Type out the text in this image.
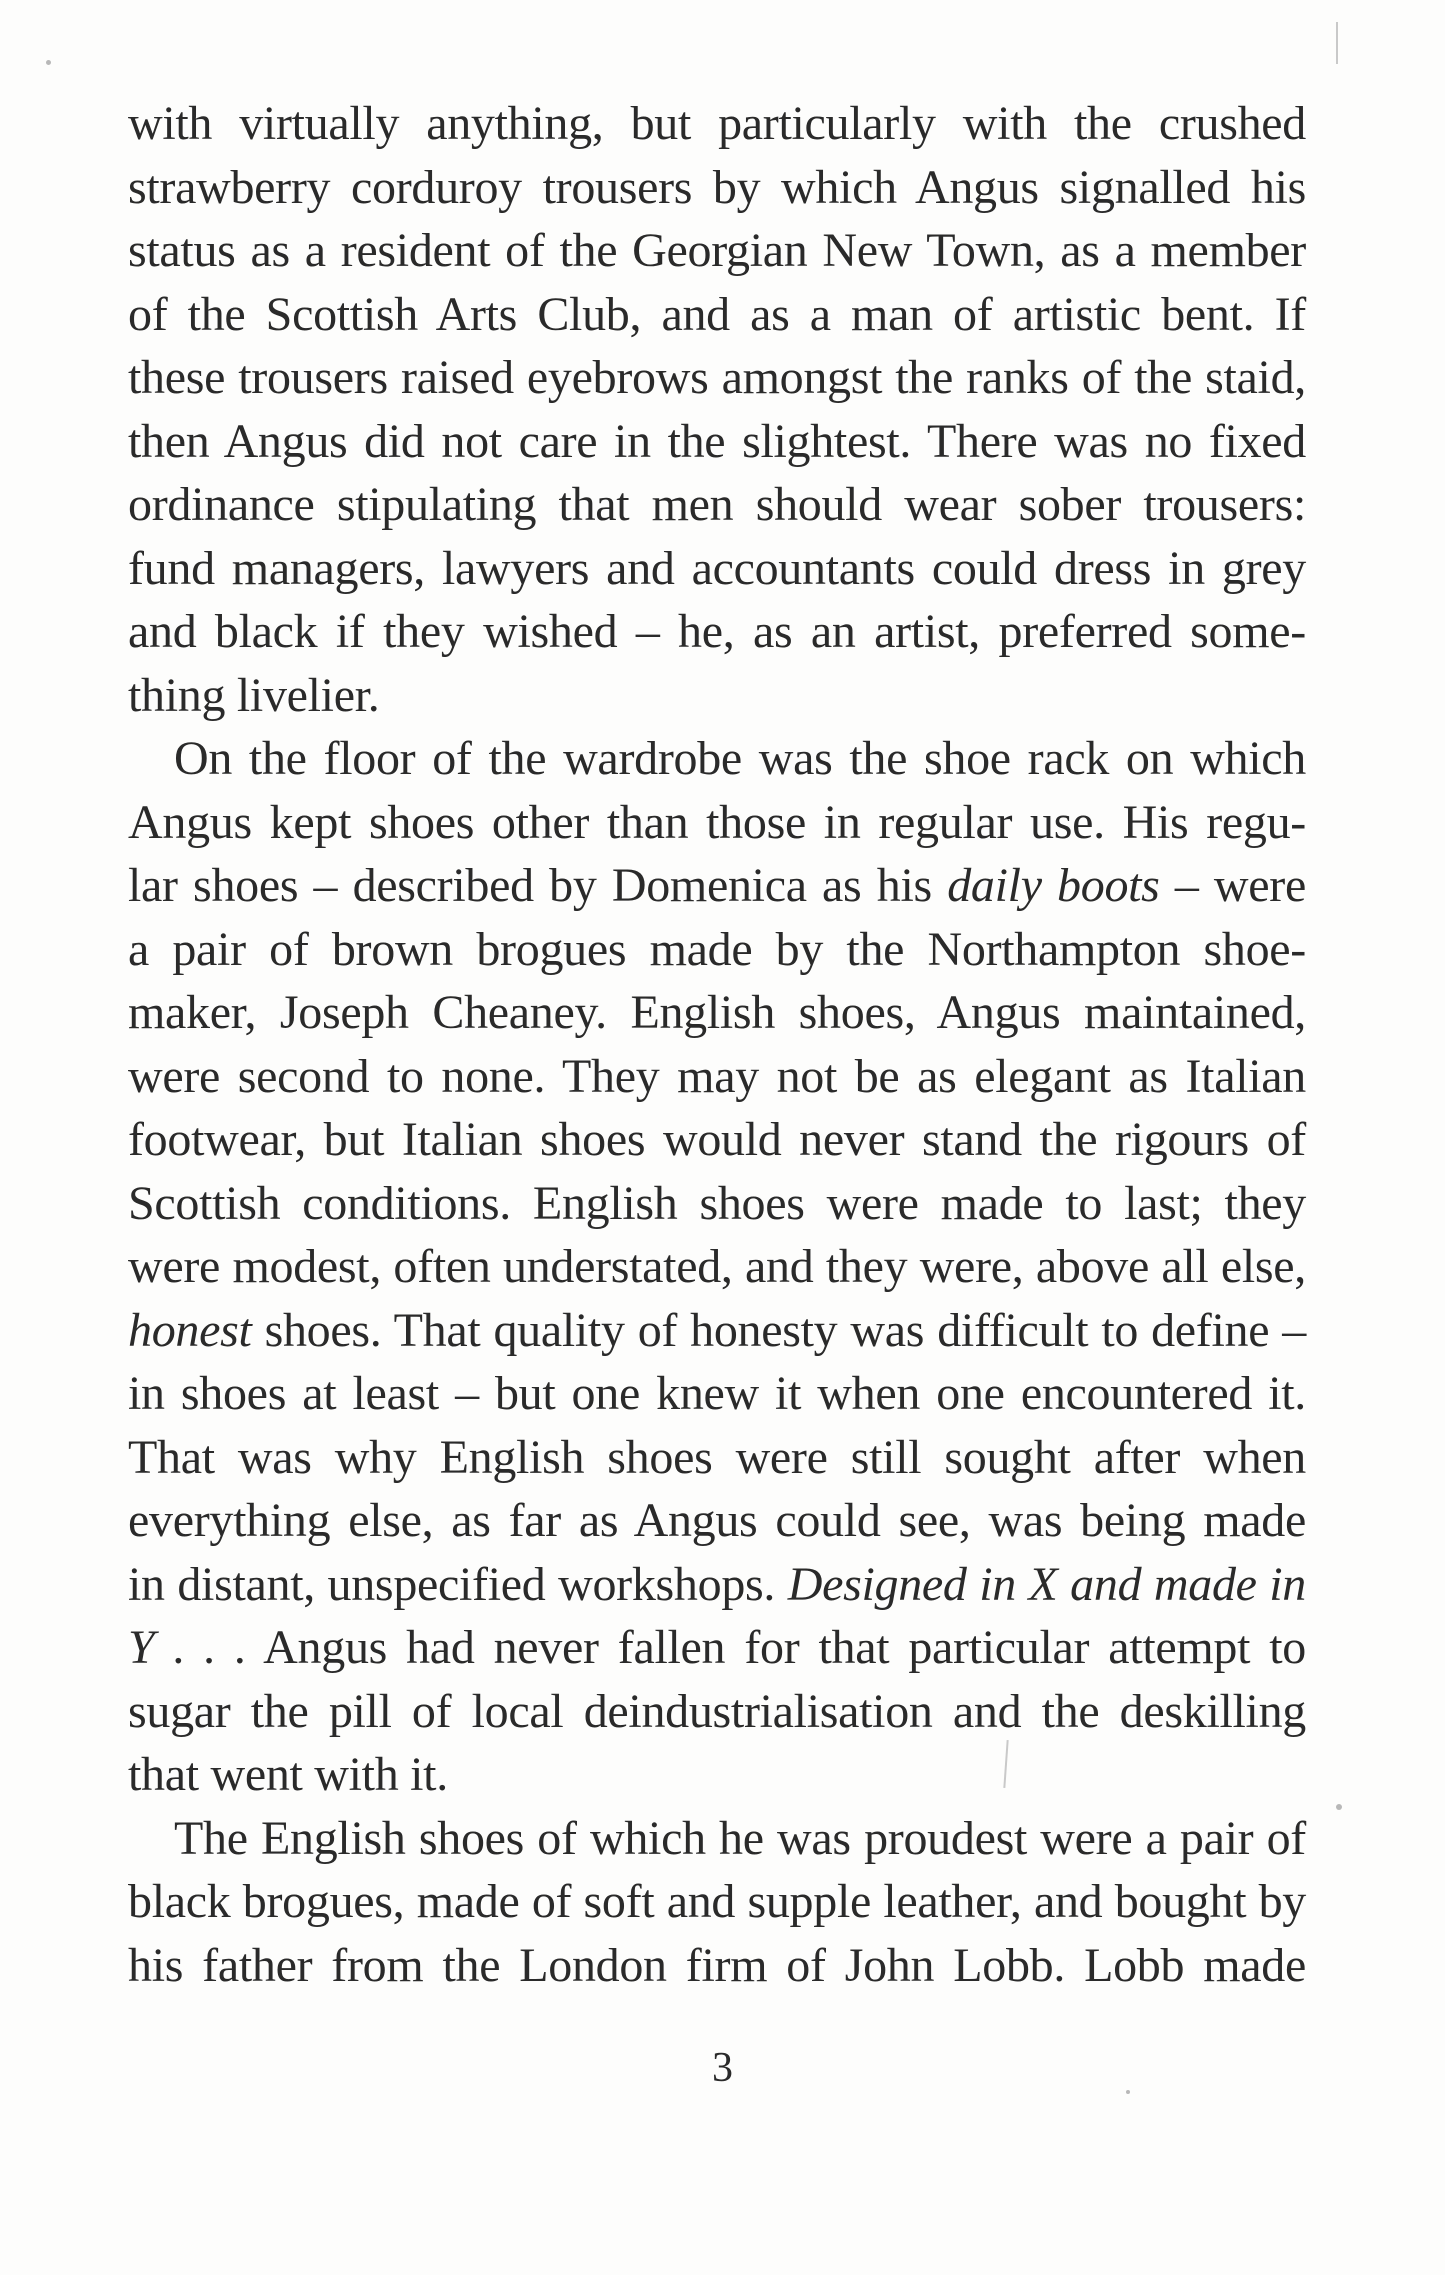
with virtually anything, but particularly with the crushed
strawberry corduroy trousers by which Angus signalled his
status as a resident of the Georgian New Town, as a member
of the Scottish Arts Club, and as a man of artistic bent. If
these trousers raised eyebrows amongst the ranks of the staid,
then Angus did not care in the slightest. There was no fixed
ordinance stipulating that men should wear sober trousers:
fund managers, lawyers and accountants could dress in grey
and black if they wished – he, as an artist, preferred some-
thing livelier.

On the floor of the wardrobe was the shoe rack on which
Angus kept shoes other than those in regular use. His regu-
lar shoes – described by Domenica as his daily boots – were
a pair of brown brogues made by the Northampton shoe-
maker, Joseph Cheaney. English shoes, Angus maintained,
were second to none. They may not be as elegant as Italian
footwear, but Italian shoes would never stand the rigours of
Scottish conditions. English shoes were made to last; they
were modest, often understated, and they were, above all else,
honest shoes. That quality of honesty was difficult to define –
in shoes at least – but one knew it when one encountered it.
That was why English shoes were still sought after when
everything else, as far as Angus could see, was being made
in distant, unspecified workshops. Designed in X and made in
Y . . . Angus had never fallen for that particular attempt to
sugar the pill of local deindustrialisation and the deskilling
that went with it.

The English shoes of which he was proudest were a pair of
black brogues, made of soft and supple leather, and bought by
his father from the London firm of John Lobb. Lobb made

3
